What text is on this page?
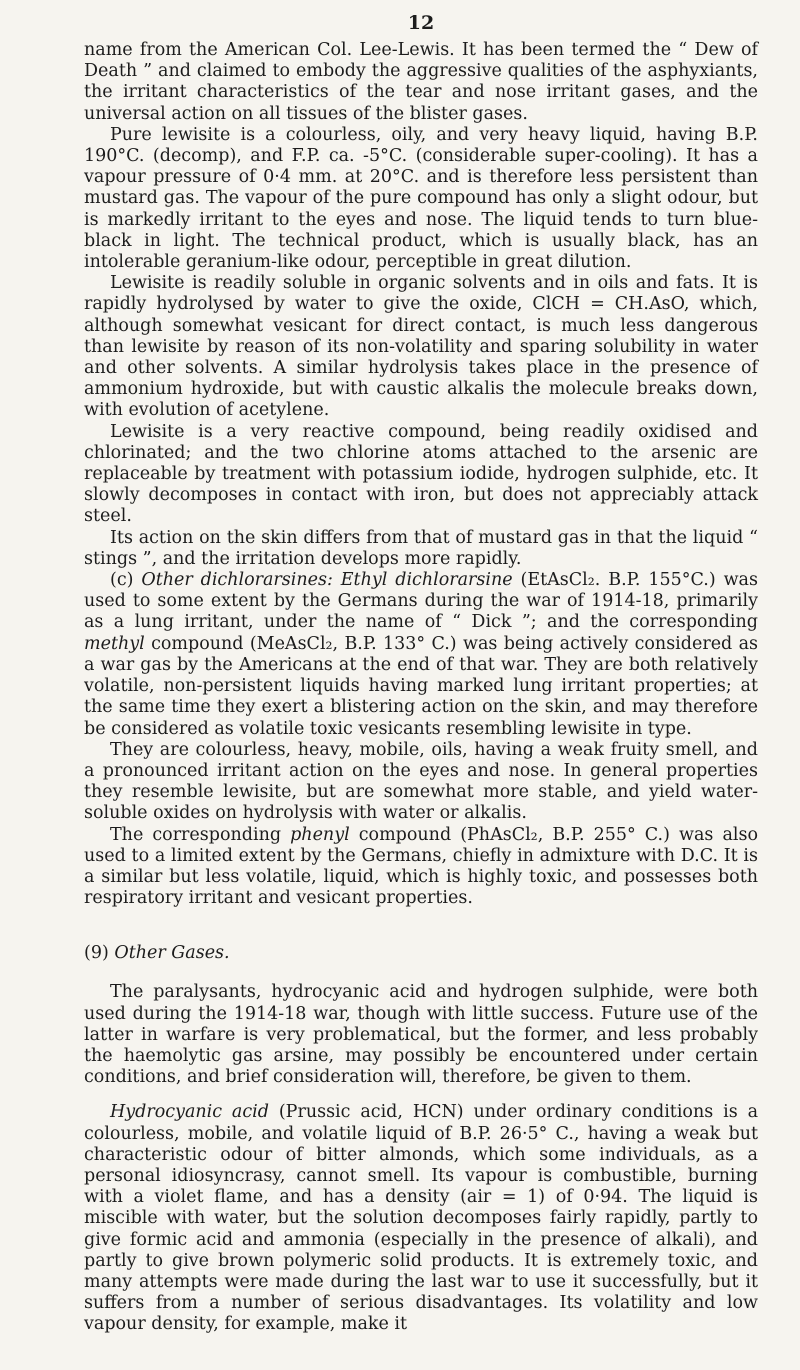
12

name from the American Col. Lee-Lewis. It has been termed the “ Dew of Death ” and claimed to embody the aggressive qualities of the asphyxiants, the irritant characteristics of the tear and nose irritant gases, and the universal action on all tissues of the blister gases.

Pure lewisite is a colourless, oily, and very heavy liquid, having B.P. 190°C. (decomp), and F.P. ca. -5°C. (considerable super-cooling). It has a vapour pressure of 0·4 mm. at 20°C. and is therefore less persistent than mustard gas. The vapour of the pure compound has only a slight odour, but is markedly irritant to the eyes and nose. The liquid tends to turn blue-black in light. The technical product, which is usually black, has an intolerable geranium-like odour, perceptible in great dilution.

Lewisite is readily soluble in organic solvents and in oils and fats. It is rapidly hydrolysed by water to give the oxide, ClCH = CH.AsO, which, although somewhat vesicant for direct contact, is much less dangerous than lewisite by reason of its non-volatility and sparing solubility in water and other solvents. A similar hydrolysis takes place in the presence of ammonium hydroxide, but with caustic alkalis the molecule breaks down, with evolution of acetylene.

Lewisite is a very reactive compound, being readily oxidised and chlorinated; and the two chlorine atoms attached to the arsenic are replaceable by treatment with potassium iodide, hydrogen sulphide, etc. It slowly decomposes in contact with iron, but does not appreciably attack steel.

Its action on the skin differs from that of mustard gas in that the liquid “ stings ”, and the irritation develops more rapidly.

(c) Other dichlorarsines: Ethyl dichlorarsine (EtAsCl₂. B.P. 155°C.) was used to some extent by the Germans during the war of 1914-18, primarily as a lung irritant, under the name of “ Dick ”; and the corresponding methyl compound (MeAsCl₂, B.P. 133° C.) was being actively considered as a war gas by the Americans at the end of that war. They are both relatively volatile, non-persistent liquids having marked lung irritant properties; at the same time they exert a blistering action on the skin, and may therefore be considered as volatile toxic vesicants resembling lewisite in type.

They are colourless, heavy, mobile, oils, having a weak fruity smell, and a pronounced irritant action on the eyes and nose. In general properties they resemble lewisite, but are somewhat more stable, and yield water-soluble oxides on hydrolysis with water or alkalis.

The corresponding phenyl compound (PhAsCl₂, B.P. 255° C.) was also used to a limited extent by the Germans, chiefly in admixture with D.C. It is a similar but less volatile, liquid, which is highly toxic, and possesses both respiratory irritant and vesicant properties.

(9) Other Gases.

The paralysants, hydrocyanic acid and hydrogen sulphide, were both used during the 1914-18 war, though with little success. Future use of the latter in warfare is very problematical, but the former, and less probably the haemolytic gas arsine, may possibly be encountered under certain conditions, and brief consideration will, therefore, be given to them.

Hydrocyanic acid (Prussic acid, HCN) under ordinary conditions is a colourless, mobile, and volatile liquid of B.P. 26·5° C., having a weak but characteristic odour of bitter almonds, which some individuals, as a personal idiosyncrasy, cannot smell. Its vapour is combustible, burning with a violet flame, and has a density (air = 1) of 0·94. The liquid is miscible with water, but the solution decomposes fairly rapidly, partly to give formic acid and ammonia (especially in the presence of alkali), and partly to give brown polymeric solid products. It is extremely toxic, and many attempts were made during the last war to use it successfully, but it suffers from a number of serious disadvantages. Its volatility and low vapour density, for example, make it
